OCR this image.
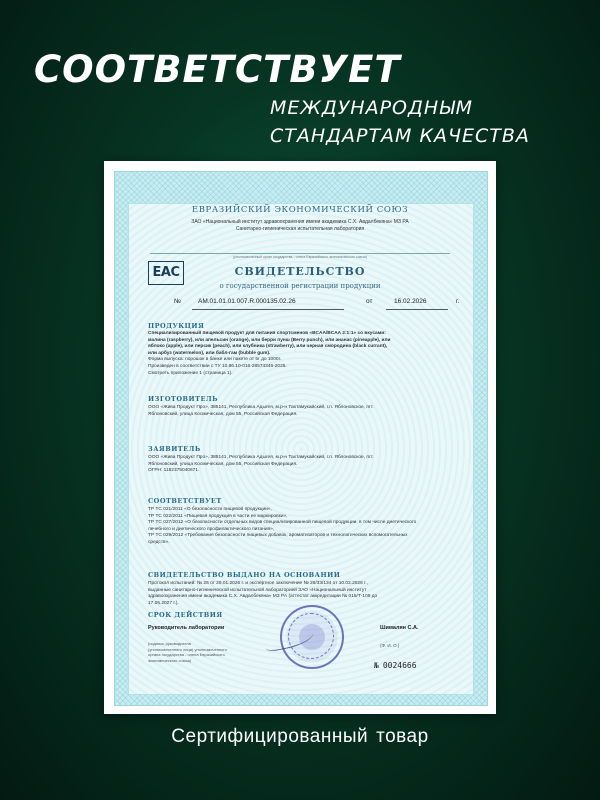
СООТВЕТСТВУЕТ
МЕЖДУНАРОДНЫМ
СТАНДАРТАМ КАЧЕСТВА
ЕВРАЗИЙСКИЙ ЭКОНОМИЧЕСКИЙ СОЮЗ
ЗАО «Национальный институт здравоохранения имени академика С.Х. Авдалбекяна» МЗ РА
Санитарно-гигиеническая испытательная лаборатория
(уполномоченный орган государства - члена Евразийского экономического союза)
EAC	СВИДЕТЕЛЬСТВО
о государственной регистрации продукции
№	AM.01.01.01.007.R.000135.02.26	от	16.02.2026	г.
ПРОДУКЦИЯ
Специализированный пищевой продукт для питания спортсменов «BCAA/BCAA 2:1:1» со вкусами:
малина (raspberry), или апельсин (orange), или берри пунш (Berry punch), или ананас (pineapple), или
яблоко (apple), или персик (peach), или клубника (strawberry), или черная смородина (black currant),
или арбуз (watermelon), или бабл-гам (bubble gum).
Форма выпуска: порошок в банке или пакете от 5г до 1000г.
Произведен в соответствии с ТУ 10.86.10-016-28574346-2025.
Смотреть приложение 1 (страница 1).
ИЗГОТОВИТЕЛЬ
ООО «Жива Продукт Про», 385141, Республика Адыгея, м.р-н Тахтамукайский, г.п. Яблоновское, пгт.
Яблоновский, улица Космическая, дом 55, Российская Федерация.
ЗАЯВИТЕЛЬ
ООО «Жива Продукт Про», 385141, Республика Адыгея, м.р-н Тахтамукайский, г.п. Яблоновское, пгт.
Яблоновский, улица Космическая, дом 55, Российская Федерация.
ОГРН: 1182375040671.
СООТВЕТСТВУЕТ
ТР ТС 021/2011 «О безопасности пищевой продукции»,
ТР ТС 022/2011 «Пищевая продукция в части ее маркировки»,
ТР ТС 027/2012 «О безопасности отдельных видов специализированной пищевой продукции, в том числе диетического
лечебного и диетического профилактического питания»,
ТР ТС 029/2012 «Требования безопасности пищевых добавок, ароматизаторов и технологических вспомогательных
средств».
СВИДЕТЕЛЬСТВО ВЫДАНО НА ОСНОВАНИИ
Протокол испытаний: № 26 от 29.01.2026 г. и экспертное заключение № 26/33/134 от 10.02.2026 г.,
выданные санитарно-гигиенической испытательной лабораторией ЗАО «Национальный институт
здравоохранения имени академика С.Х. Авдалбекяна» МЗ РА (аттестат аккредитации № 015/Т-109 до
17.05.2027 г.).
СРОК ДЕЙСТВИЯ
Руководитель лаборатории	Шималян С.А.
(подпись руководителя
(уполномоченного лица) уполномоченного
органа государства - члена Евразийского
экономического союза)
(Ф. И. О.)
№ 0024666
Сертифицированный товар
